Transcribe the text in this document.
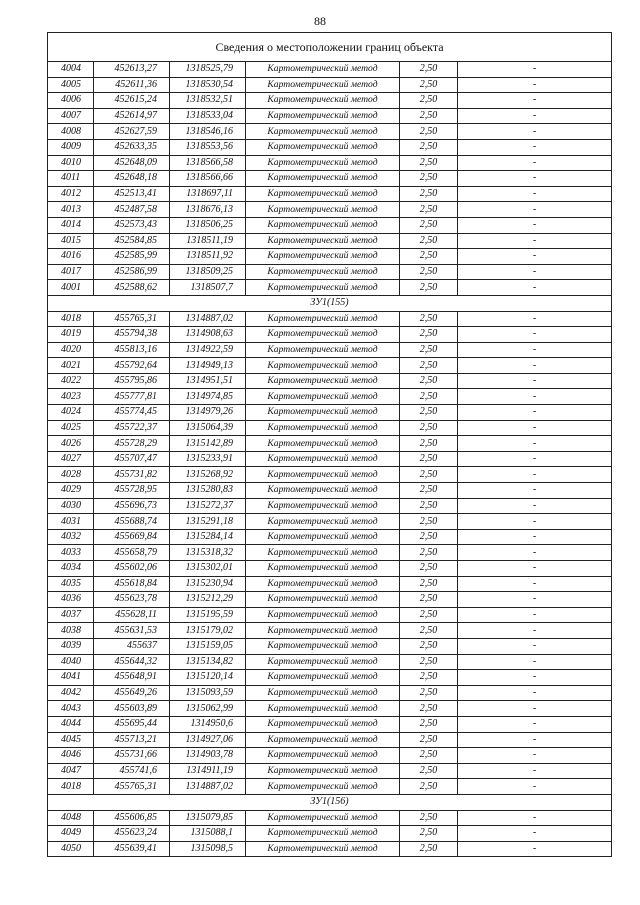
88
Сведения о местоположении границ объекта					
4004	452613,27	1318525,79	Картометрический метод	2,50	-
4005	452611,36	1318530,54	Картометрический метод	2,50	-
4006	452615,24	1318532,51	Картометрический метод	2,50	-
4007	452614,97	1318533,04	Картометрический метод	2,50	-
4008	452627,59	1318546,16	Картометрический метод	2,50	-
4009	452633,35	1318553,56	Картометрический метод	2,50	-
4010	452648,09	1318566,58	Картометрический метод	2,50	-
4011	452648,18	1318566,66	Картометрический метод	2,50	-
4012	452513,41	1318697,11	Картометрический метод	2,50	-
4013	452487,58	1318676,13	Картометрический метод	2,50	-
4014	452573,43	1318506,25	Картометрический метод	2,50	-
4015	452584,85	1318511,19	Картометрический метод	2,50	-
4016	452585,99	1318511,92	Картометрический метод	2,50	-
4017	452586,99	1318509,25	Картометрический метод	2,50	-
4001	452588,62	1318507,7	Картометрический метод	2,50	-
ЗУ1(155)					
4018	455765,31	1314887,02	Картометрический метод	2,50	-
4019	455794,38	1314908,63	Картометрический метод	2,50	-
4020	455813,16	1314922,59	Картометрический метод	2,50	-
4021	455792,64	1314949,13	Картометрический метод	2,50	-
4022	455795,86	1314951,51	Картометрический метод	2,50	-
4023	455777,81	1314974,85	Картометрический метод	2,50	-
4024	455774,45	1314979,26	Картометрический метод	2,50	-
4025	455722,37	1315064,39	Картометрический метод	2,50	-
4026	455728,29	1315142,89	Картометрический метод	2,50	-
4027	455707,47	1315233,91	Картометрический метод	2,50	-
4028	455731,82	1315268,92	Картометрический метод	2,50	-
4029	455728,95	1315280,83	Картометрический метод	2,50	-
4030	455696,73	1315272,37	Картометрический метод	2,50	-
4031	455688,74	1315291,18	Картометрический метод	2,50	-
4032	455669,84	1315284,14	Картометрический метод	2,50	-
4033	455658,79	1315318,32	Картометрический метод	2,50	-
4034	455602,06	1315302,01	Картометрический метод	2,50	-
4035	455618,84	1315230,94	Картометрический метод	2,50	-
4036	455623,78	1315212,29	Картометрический метод	2,50	-
4037	455628,11	1315195,59	Картометрический метод	2,50	-
4038	455631,53	1315179,02	Картометрический метод	2,50	-
4039	455637	1315159,05	Картометрический метод	2,50	-
4040	455644,32	1315134,82	Картометрический метод	2,50	-
4041	455648,91	1315120,14	Картометрический метод	2,50	-
4042	455649,26	1315093,59	Картометрический метод	2,50	-
4043	455603,89	1315062,99	Картометрический метод	2,50	-
4044	455695,44	1314950,6	Картометрический метод	2,50	-
4045	455713,21	1314927,06	Картометрический метод	2,50	-
4046	455731,66	1314903,78	Картометрический метод	2,50	-
4047	455741,6	1314911,19	Картометрический метод	2,50	-
4018	455765,31	1314887,02	Картометрический метод	2,50	-
ЗУ1(156)					
4048	455606,85	1315079,85	Картометрический метод	2,50	-
4049	455623,24	1315088,1	Картометрический метод	2,50	-
4050	455639,41	1315098,5	Картометрический метод	2,50	-
